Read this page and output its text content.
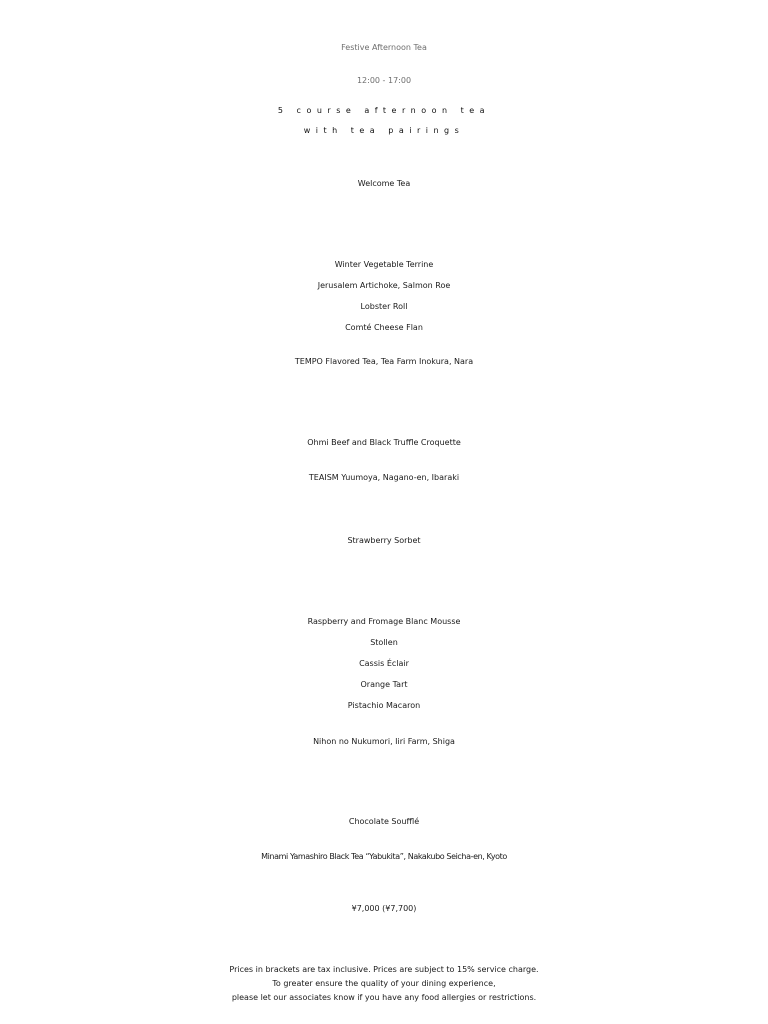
Festive Afternoon Tea
12:00 - 17:00
5 course afternoon tea
with tea pairings
Welcome Tea
Winter Vegetable Terrine
Jerusalem Artichoke, Salmon Roe
Lobster Roll
Comté Cheese Flan
TEMPO Flavored Tea, Tea Farm Inokura, Nara
Ohmi Beef and Black Truffle Croquette
TEAISM Yuumoya, Nagano-en, Ibaraki
Strawberry Sorbet
Raspberry and Fromage Blanc Mousse
Stollen
Cassis Éclair
Orange Tart
Pistachio Macaron
Nihon no Nukumori, Iiri Farm, Shiga
Chocolate Soufflé
Minami Yamashiro Black Tea “Yabukita”, Nakakubo Seicha-en, Kyoto
¥7,000 (¥7,700)
Prices in brackets are tax inclusive. Prices are subject to 15% service charge.
To greater ensure the quality of your dining experience,
please let our associates know if you have any food allergies or restrictions.
